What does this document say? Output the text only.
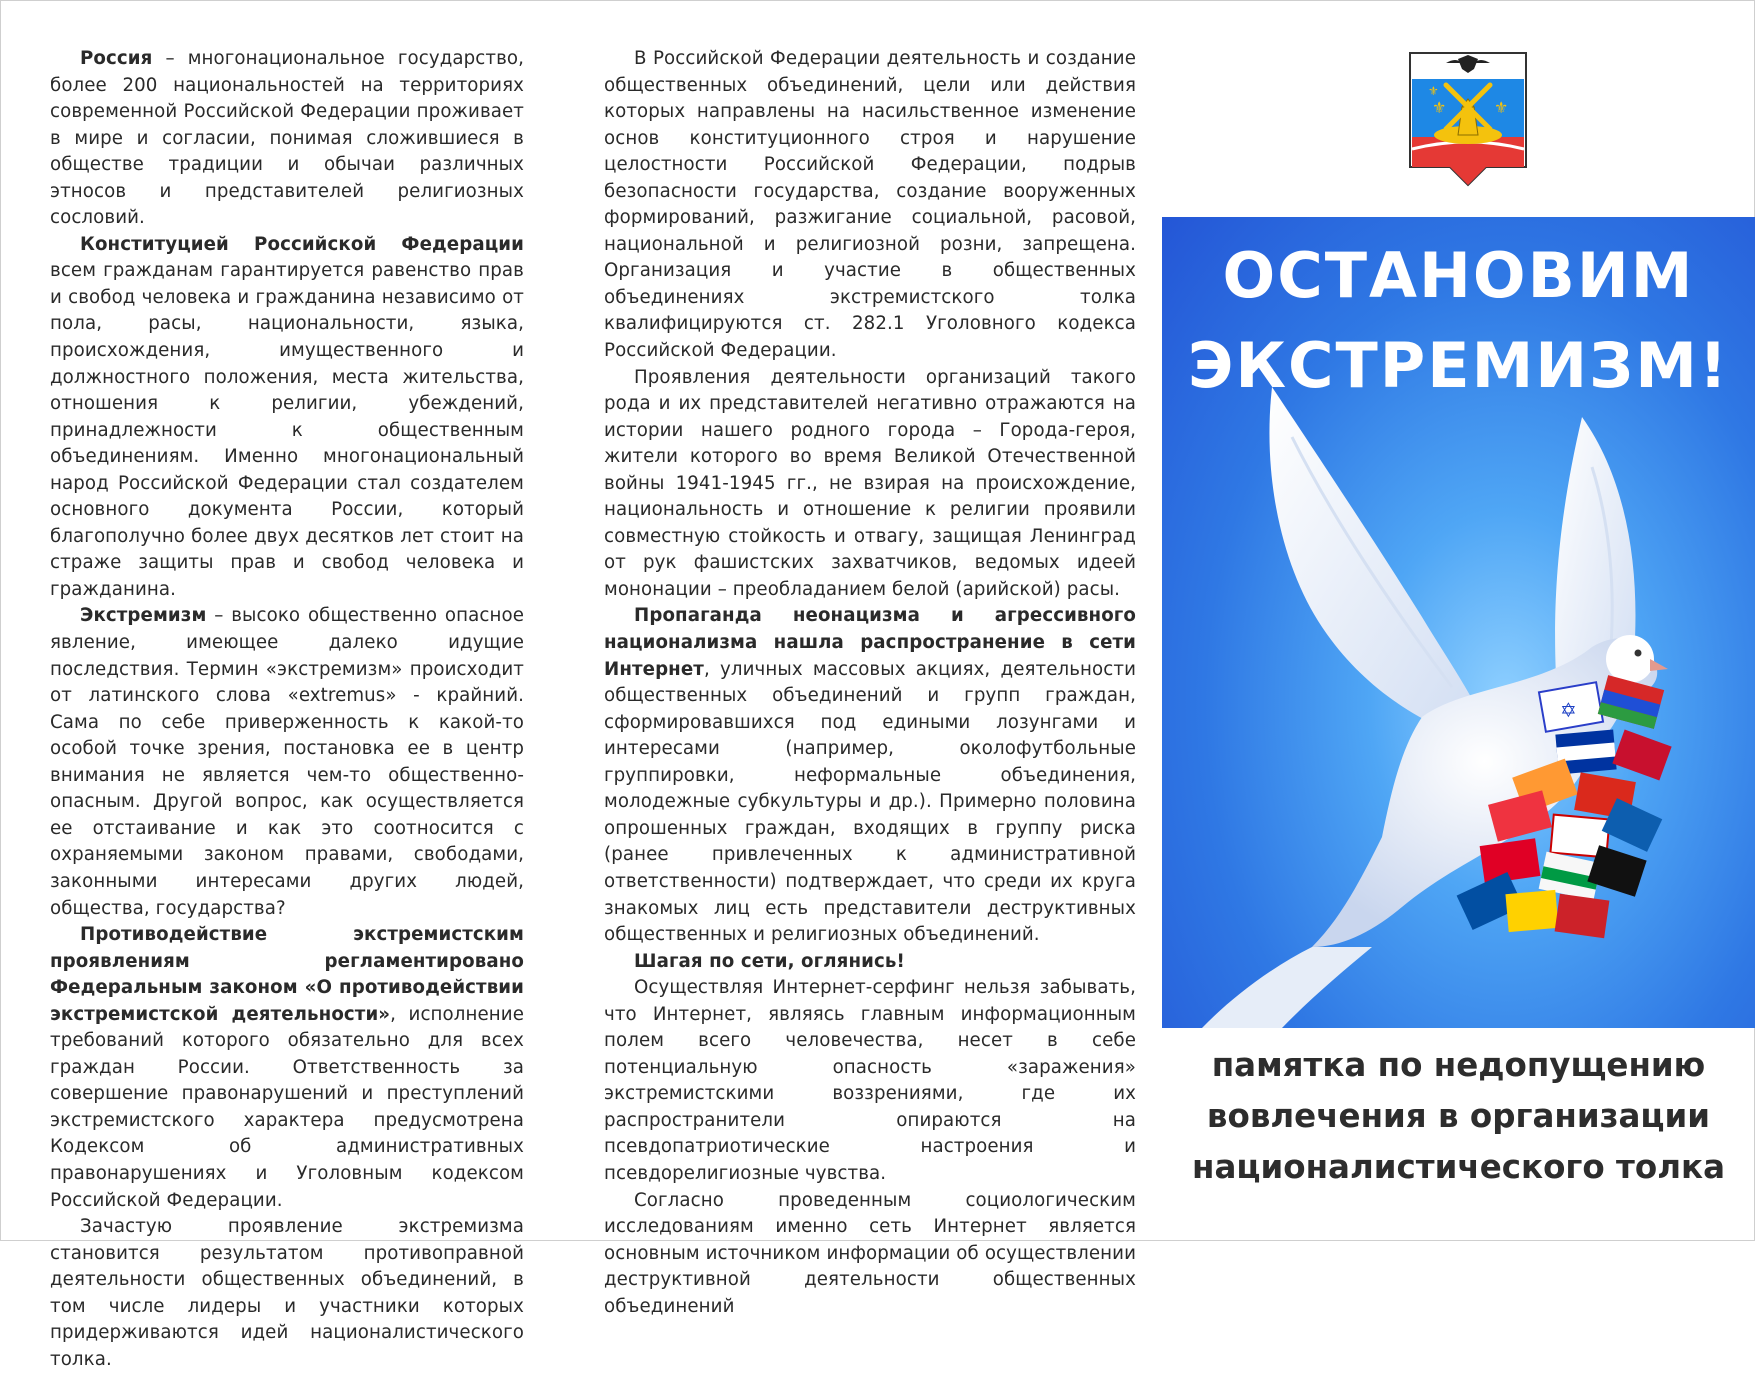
Россия – многонациональное государство, более 200 национальностей на территориях современной Российской Федерации проживает в мире и согласии, понимая сложившиеся в обществе традиции и обычаи различных этносов и представителей религиозных сословий.

Конституцией Российской Федерации всем гражданам гарантируется равенство прав и свобод человека и гражданина независимо от пола, расы, национальности, языка, происхождения, имущественного и должностного положения, места жительства, отношения к религии, убеждений, принадлежности к общественным объединениям. Именно многонациональный народ Российской Федерации стал создателем основного документа России, который благополучно более двух десятков лет стоит на страже защиты прав и свобод человека и гражданина.

Экстремизм – высоко общественно опасное явление, имеющее далеко идущие последствия. Термин «экстремизм» происходит от латинского слова «extremus» - крайний. Сама по себе приверженность к какой-то особой точке зрения, постановка ее в центр внимания не является чем-то общественно-опасным. Другой вопрос, как осуществляется ее отстаивание и как это соотносится с охраняемыми законом правами, свободами, законными интересами других людей, общества, государства?

Противодействие экстремистским проявлениям регламентировано Федеральным законом «О противодействии экстремистской деятельности», исполнение требований которого обязательно для всех граждан России. Ответственность за совершение правонарушений и преступлений экстремистского характера предусмотрена Кодексом об административных правонарушениях и Уголовным кодексом Российской Федерации.

Зачастую проявление экстремизма становится результатом противоправной деятельности общественных объединений, в том числе лидеры и участники которых придерживаются идей националистического толка.

В Российской Федерации деятельность и создание общественных объединений, цели или действия которых направлены на насильственное изменение основ конституционного строя и нарушение целостности Российской Федерации, подрыв безопасности государства, создание вооруженных формирований, разжигание социальной, расовой, национальной и религиозной розни, запрещена. Организация и участие в общественных объединениях экстремистского толка квалифицируются ст. 282.1 Уголовного кодекса Российской Федерации.

Проявления деятельности организаций такого рода и их представителей негативно отражаются на истории нашего родного города – Города-героя, жители которого во время Великой Отечественной войны 1941-1945 гг., не взирая на происхождение, национальность и отношение к религии проявили совместную стойкость и отвагу, защищая Ленинград от рук фашистских захватчиков, ведомых идеей мононации – преобладанием белой (арийской) расы.

Пропаганда неонацизма и агрессивного национализма нашла распространение в сети Интернет, уличных массовых акциях, деятельности общественных объединений и групп граждан, сформировавшихся под едиными лозунгами и интересами (например, околофутбольные группировки, неформальные объединения, молодежные субкультуры и др.). Примерно половина опрошенных граждан, входящих в группу риска (ранее привлеченных к административной ответственности) подтверждает, что среди их круга знакомых лиц есть представители деструктивных общественных и религиозных объединений.

Шагая по сети, оглянись!

Осуществляя Интернет-серфинг нельзя забывать, что Интернет, являясь главным информационным полем всего человечества, несет в себе потенциальную опасность «заражения» экстремистскими воззрениями, где их распространители опираются на псевдопатриотические настроения и псевдорелигиозные чувства.

Согласно проведенным социологическим исследованиям именно сеть Интернет является основным источником информации об осуществлении деструктивной деятельности общественных объединений

⚜	⚜
⚜
ОСТАНОВИМ
ЭКСТРЕМИЗМ!
✡
памятка по недопущению
вовлечения в организации
националистического толка
